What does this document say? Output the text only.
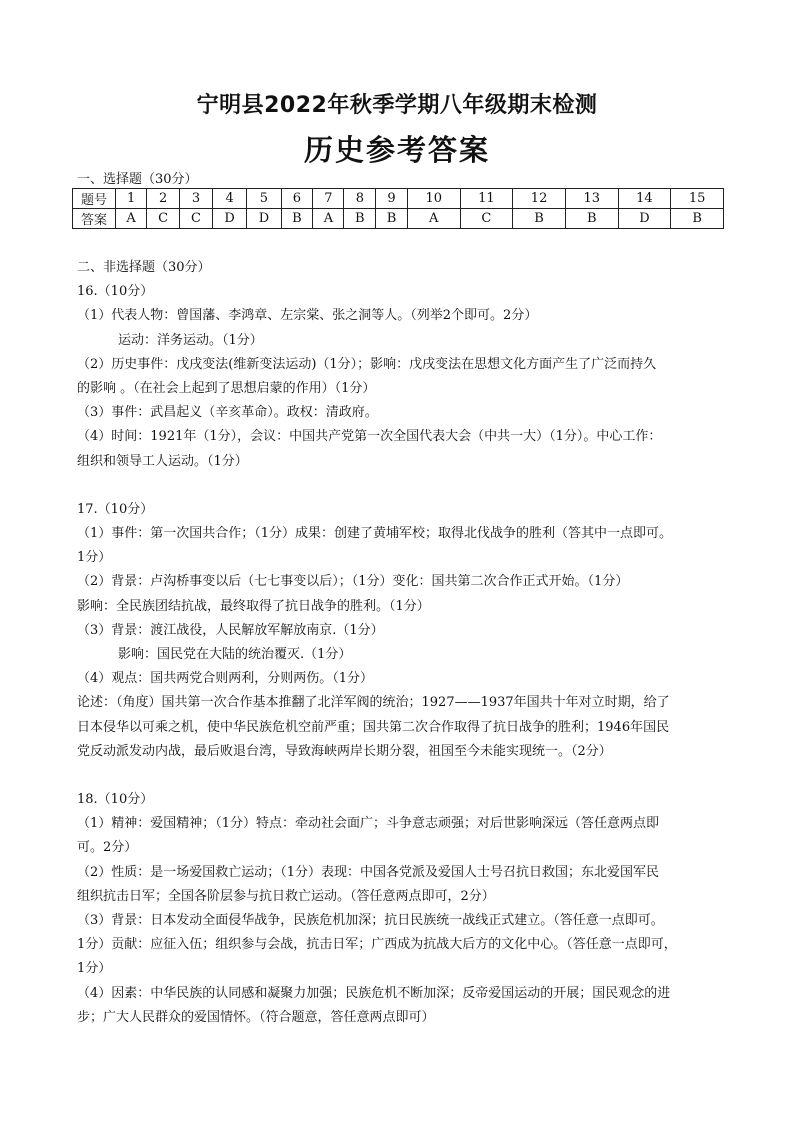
宁明县2022年秋季学期八年级期末检测
历史参考答案
一、选择题（30分）
题号	1	2	3	4	5	6	7	8	9	10	11	12	13	14	15
答案	A	C	C	D	D	B	A	B	B	A	C	B	B	D	B

二、非选择题（30分）

16.（10分）

（1）代表人物：曾国藩、李鸿章、左宗棠、张之洞等人。（列举2个即可。2分）

运动：洋务运动。（1分）

（2）历史事件：戊戌变法(维新变法运动)（1分）；影响：戊戌变法在思想文化方面产生了广泛而持久

的影响 。（在社会上起到了思想启蒙的作用）（1分）

（3）事件：武昌起义（辛亥革命）。政权：清政府。

（4）时间：1921年（1分），会议：中国共产党第一次全国代表大会（中共一大）（1分）。中心工作：

组织和领导工人运动。（1分）

17.（10分）

（1）事件：第一次国共合作；（1分）成果：创建了黄埔军校；取得北伐战争的胜利（答其中一点即可。

1分）

（2）背景：卢沟桥事变以后（七七事变以后）；（1分）变化：国共第二次合作正式开始。（1分）

影响：全民族团结抗战，最终取得了抗日战争的胜利。（1分）

（3）背景：渡江战役，人民解放军解放南京.（1分）

影响：国民党在大陆的统治覆灭.（1分）

（4）观点：国共两党合则两利，分则两伤。（1分）

论述：（角度）国共第一次合作基本推翻了北洋军阀的统治；1927——1937年国共十年对立时期，给了

日本侵华以可乘之机，使中华民族危机空前严重；国共第二次合作取得了抗日战争的胜利；1946年国民

党反动派发动内战，最后败退台湾，导致海峡两岸长期分裂，祖国至今未能实现统一。（2分）

18.（10分）

（1）精神：爱国精神；（1分）特点：牵动社会面广；斗争意志顽强；对后世影响深远（答任意两点即

可。2分）

（2）性质：是一场爱国救亡运动；（1分）表现：中国各党派及爱国人士号召抗日救国；东北爱国军民

组织抗击日军；全国各阶层参与抗日救亡运动。（答任意两点即可，2分）

（3）背景：日本发动全面侵华战争，民族危机加深；抗日民族统一战线正式建立。（答任意一点即可。

1分）贡献：应征入伍；组织参与会战，抗击日军；广西成为抗战大后方的文化中心。（答任意一点即可，

1分）

（4）因素：中华民族的认同感和凝聚力加强；民族危机不断加深；反帝爱国运动的开展；国民观念的进

步；广大人民群众的爱国情怀。（符合题意，答任意两点即可）
